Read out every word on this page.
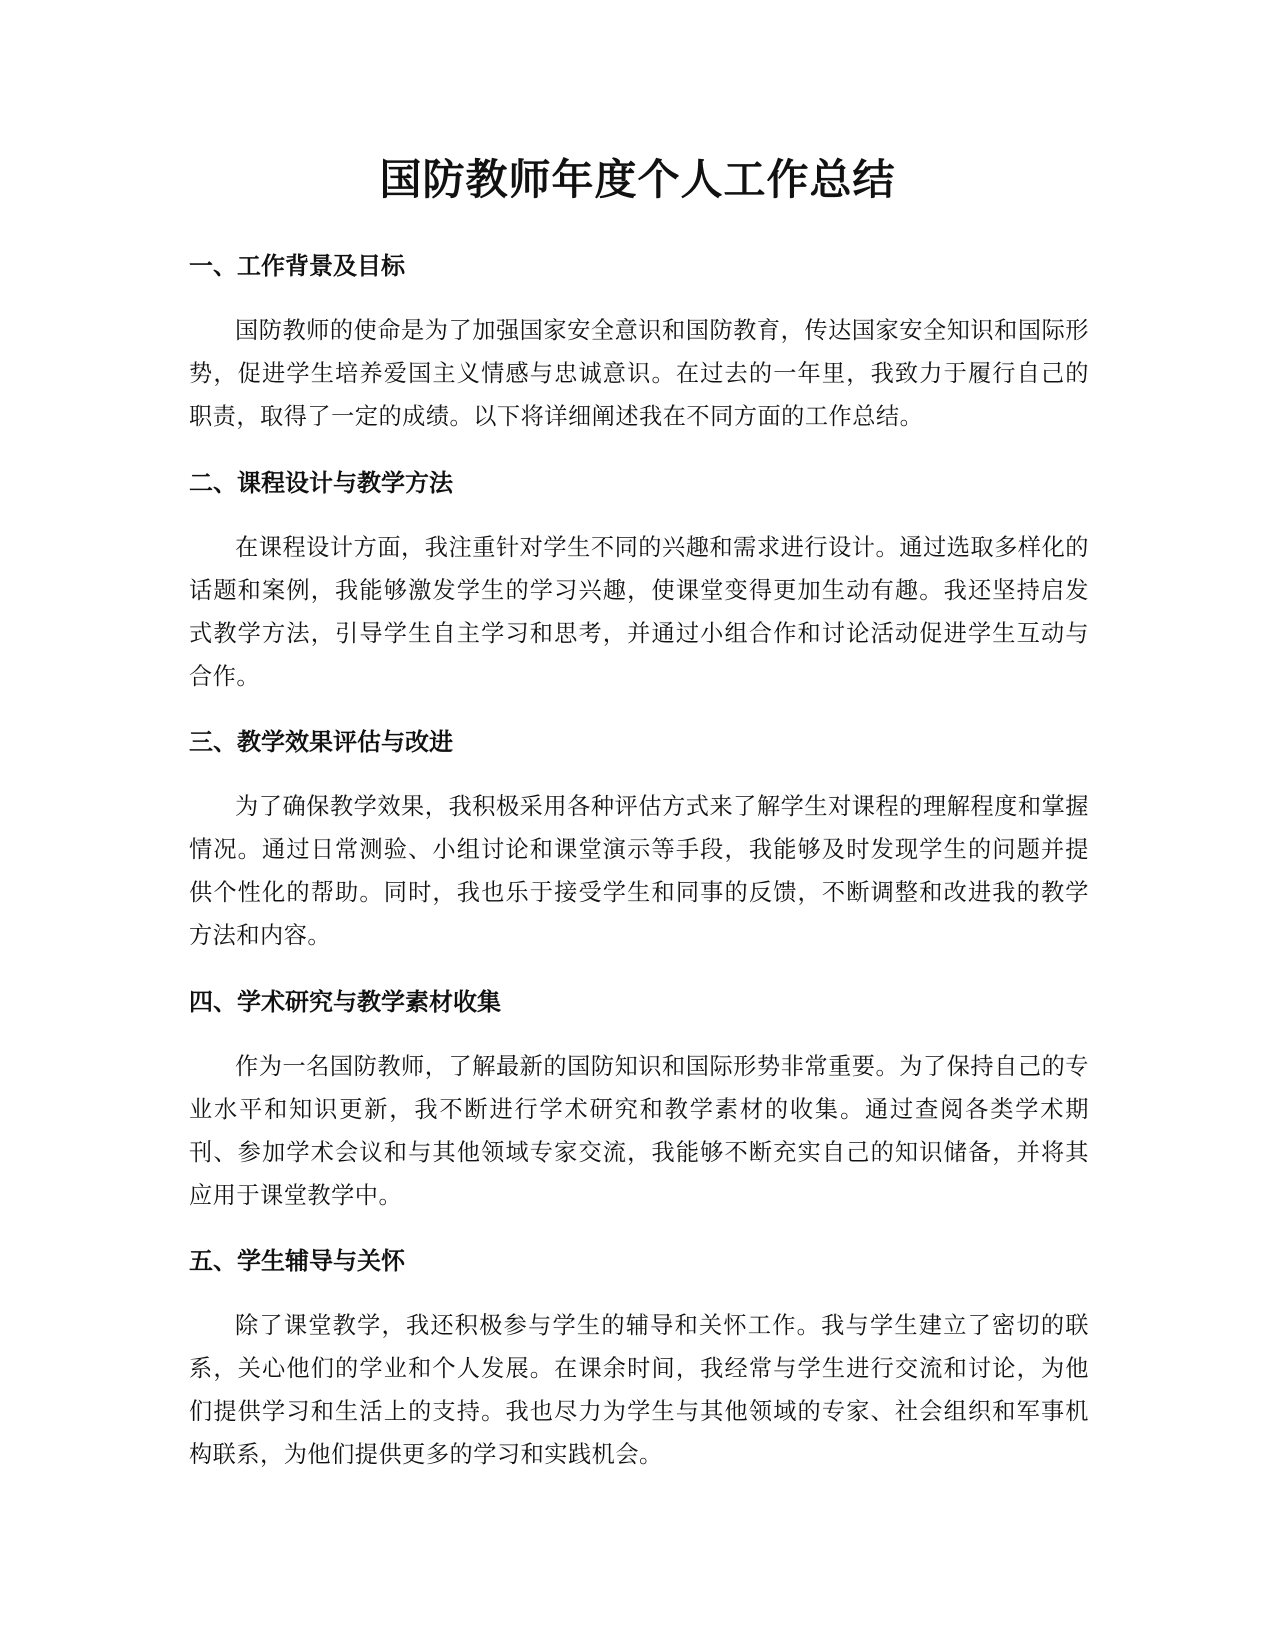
国防教师年度个人工作总结
一、工作背景及目标

国防教师的使命是为了加强国家安全意识和国防教育，传达国家安全知识和国际形势，促进学生培养爱国主义情感与忠诚意识。在过去的一年里，我致力于履行自己的职责，取得了一定的成绩。以下将详细阐述我在不同方面的工作总结。

二、课程设计与教学方法

在课程设计方面，我注重针对学生不同的兴趣和需求进行设计。通过选取多样化的话题和案例，我能够激发学生的学习兴趣，使课堂变得更加生动有趣。我还坚持启发式教学方法，引导学生自主学习和思考，并通过小组合作和讨论活动促进学生互动与合作。

三、教学效果评估与改进

为了确保教学效果，我积极采用各种评估方式来了解学生对课程的理解程度和掌握情况。通过日常测验、小组讨论和课堂演示等手段，我能够及时发现学生的问题并提供个性化的帮助。同时，我也乐于接受学生和同事的反馈，不断调整和改进我的教学方法和内容。

四、学术研究与教学素材收集

作为一名国防教师，了解最新的国防知识和国际形势非常重要。为了保持自己的专业水平和知识更新，我不断进行学术研究和教学素材的收集。通过查阅各类学术期刊、参加学术会议和与其他领域专家交流，我能够不断充实自己的知识储备，并将其应用于课堂教学中。

五、学生辅导与关怀

除了课堂教学，我还积极参与学生的辅导和关怀工作。我与学生建立了密切的联系，关心他们的学业和个人发展。在课余时间，我经常与学生进行交流和讨论，为他们提供学习和生活上的支持。我也尽力为学生与其他领域的专家、社会组织和军事机构联系，为他们提供更多的学习和实践机会。
